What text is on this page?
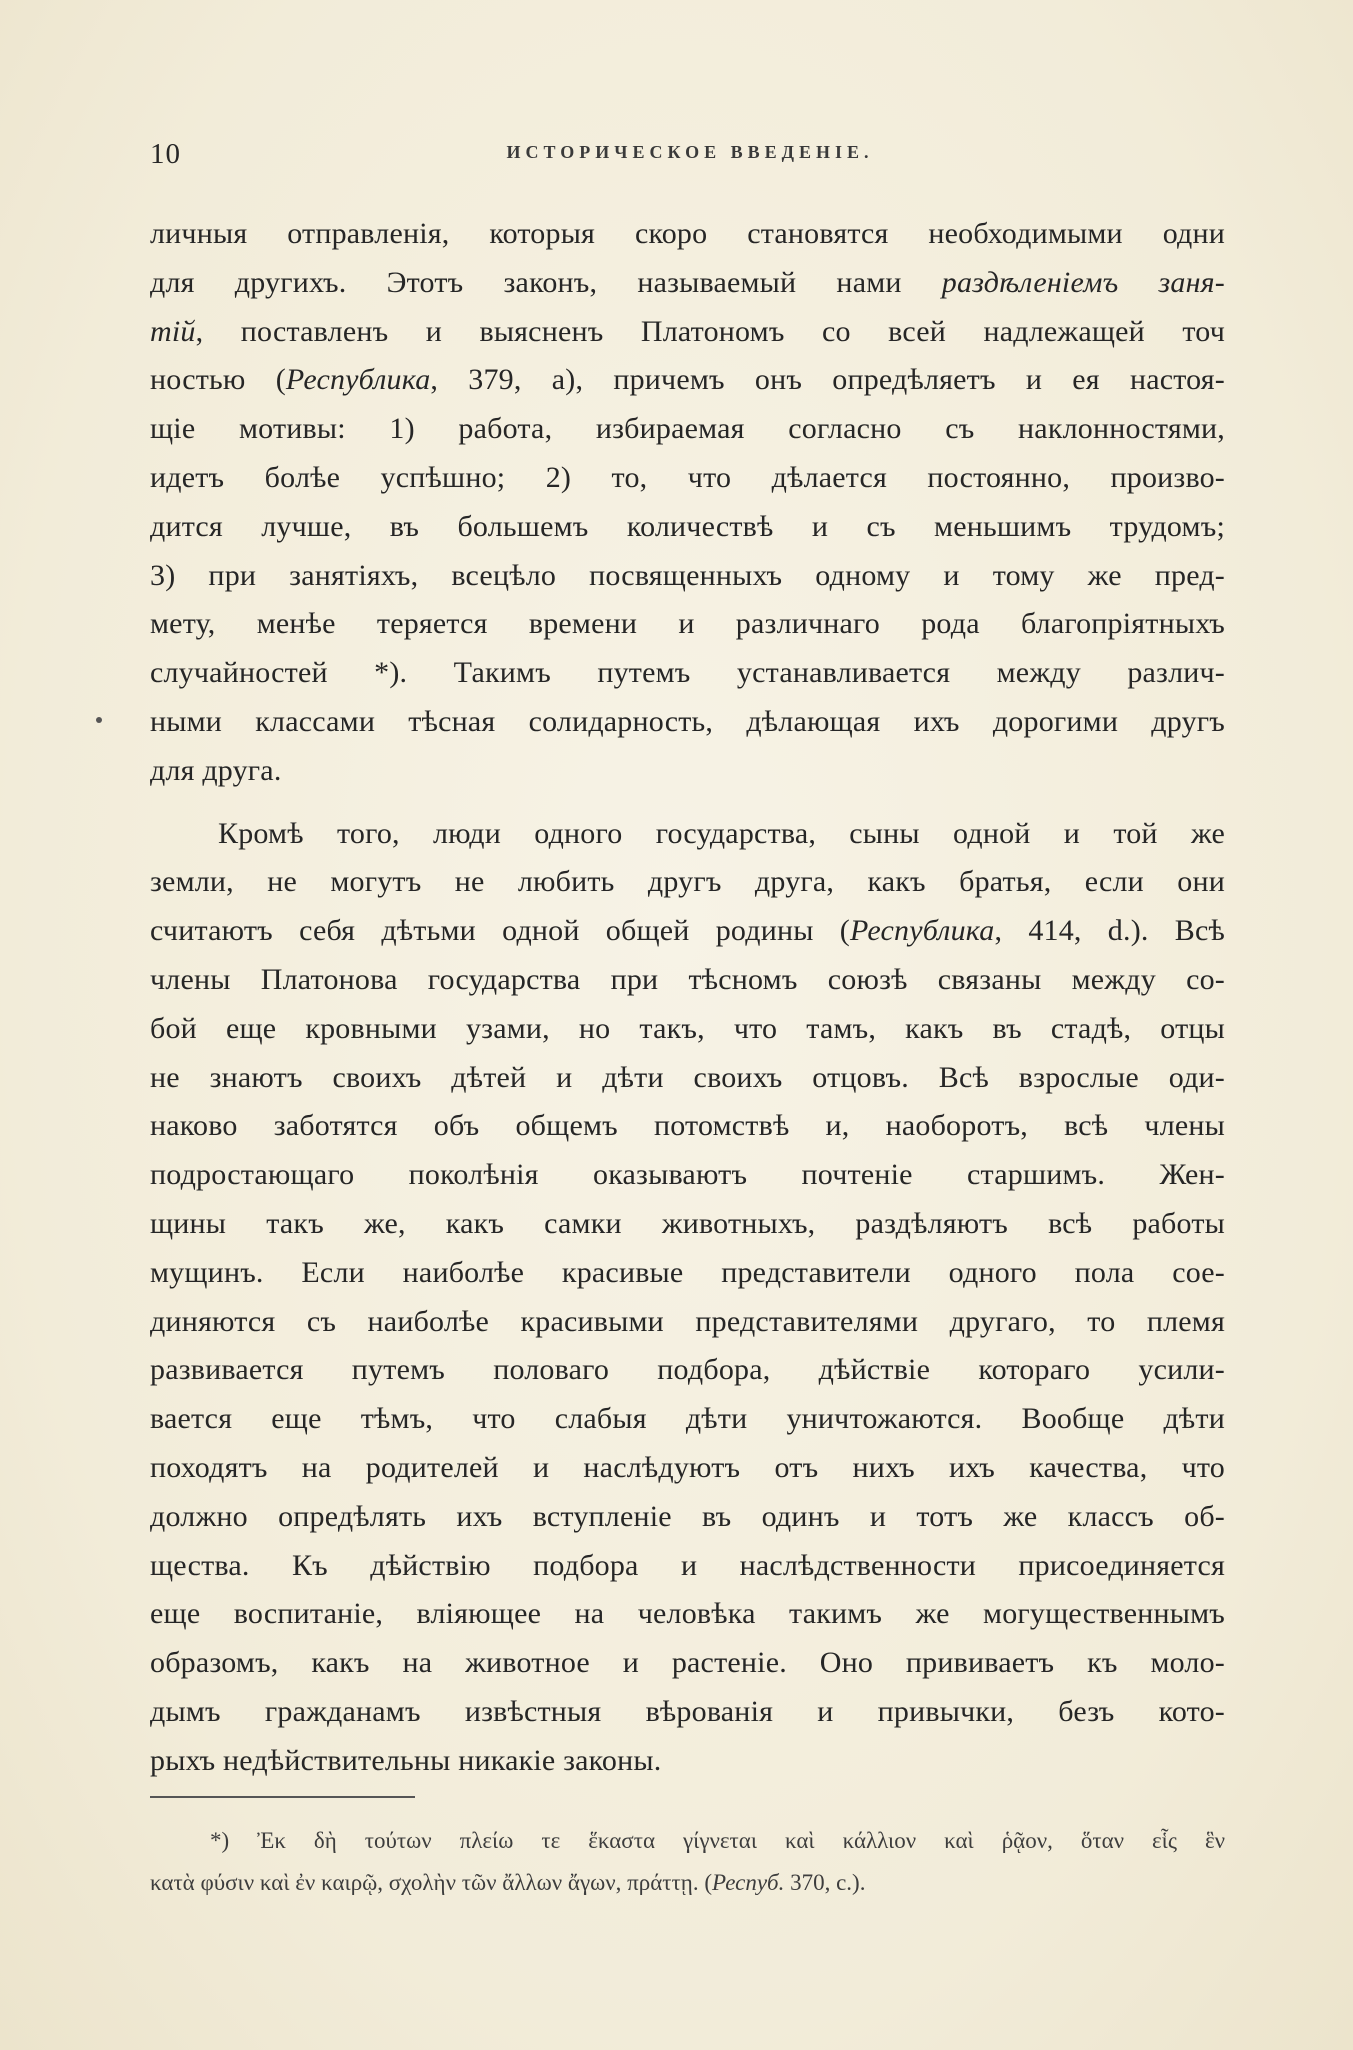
10	ИСТОРИЧЕСКОЕ ВВЕДЕНІЕ.
личныя отправленія, которыя скоро становятся необходимыми одни
для другихъ. Этотъ законъ, называемый нами раздѣленіемъ заня-
тій, поставленъ и выясненъ Платономъ со всей надлежащей точ
ностью (Республика, 379, а), причемъ онъ опредѣляетъ и ея настоя-
щіе мотивы: 1) работа, избираемая согласно съ наклонностями,
идетъ болѣе успѣшно; 2) то, что дѣлается постоянно, произво-
дится лучше, въ большемъ количествѣ и съ меньшимъ трудомъ;
3) при занятіяхъ, всецѣло посвященныхъ одному и тому же пред-
мету, менѣе теряется времени и различнаго рода благопріятныхъ
случайностей *). Такимъ путемъ устанавливается между различ-
ными классами тѣсная солидарность, дѣлающая ихъ дорогими другъ
для друга.
Кромѣ того, люди одного государства, сыны одной и той же
земли, не могутъ не любить другъ друга, какъ братья, если они
считаютъ себя дѣтьми одной общей родины (Республика, 414, d.). Всѣ
члены Платонова государства при тѣсномъ союзѣ связаны между со-
бой еще кровными узами, но такъ, что тамъ, какъ въ стадѣ, отцы
не знаютъ своихъ дѣтей и дѣти своихъ отцовъ. Всѣ взрослые оди-
наково заботятся объ общемъ потомствѣ и, наоборотъ, всѣ члены
подростающаго поколѣнія оказываютъ почтеніе старшимъ. Жен-
щины такъ же, какъ самки животныхъ, раздѣляютъ всѣ работы
мущинъ. Если наиболѣе красивые представители одного пола сое-
диняются съ наиболѣе красивыми представителями другаго, то племя
развивается путемъ половаго подбора, дѣйствіе котораго усили-
вается еще тѣмъ, что слабыя дѣти уничтожаются. Вообще дѣти
походятъ на родителей и наслѣдуютъ отъ нихъ ихъ качества, что
должно опредѣлять ихъ вступленіе въ одинъ и тотъ же классъ об-
щества. Къ дѣйствію подбора и наслѣдственности присоединяется
еще воспитаніе, вліяющее на человѣка такимъ же могущественнымъ
образомъ, какъ на животное и растеніе. Оно прививаетъ къ моло-
дымъ гражданамъ извѣстныя вѣрованія и привычки, безъ кото-
рыхъ недѣйствительны никакіе законы.
*) Ἐκ δὴ τούτων πλείω τε ἕκαστα γίγνεται καὶ κάλλιον καὶ ῥᾷον, ὅταν εἷς ἓν
κατὰ φύσιν καὶ ἐν καιρῷ, σχολὴν τῶν ἄλλων ἄγων, πράττῃ. (Респуб. 370, c.).
